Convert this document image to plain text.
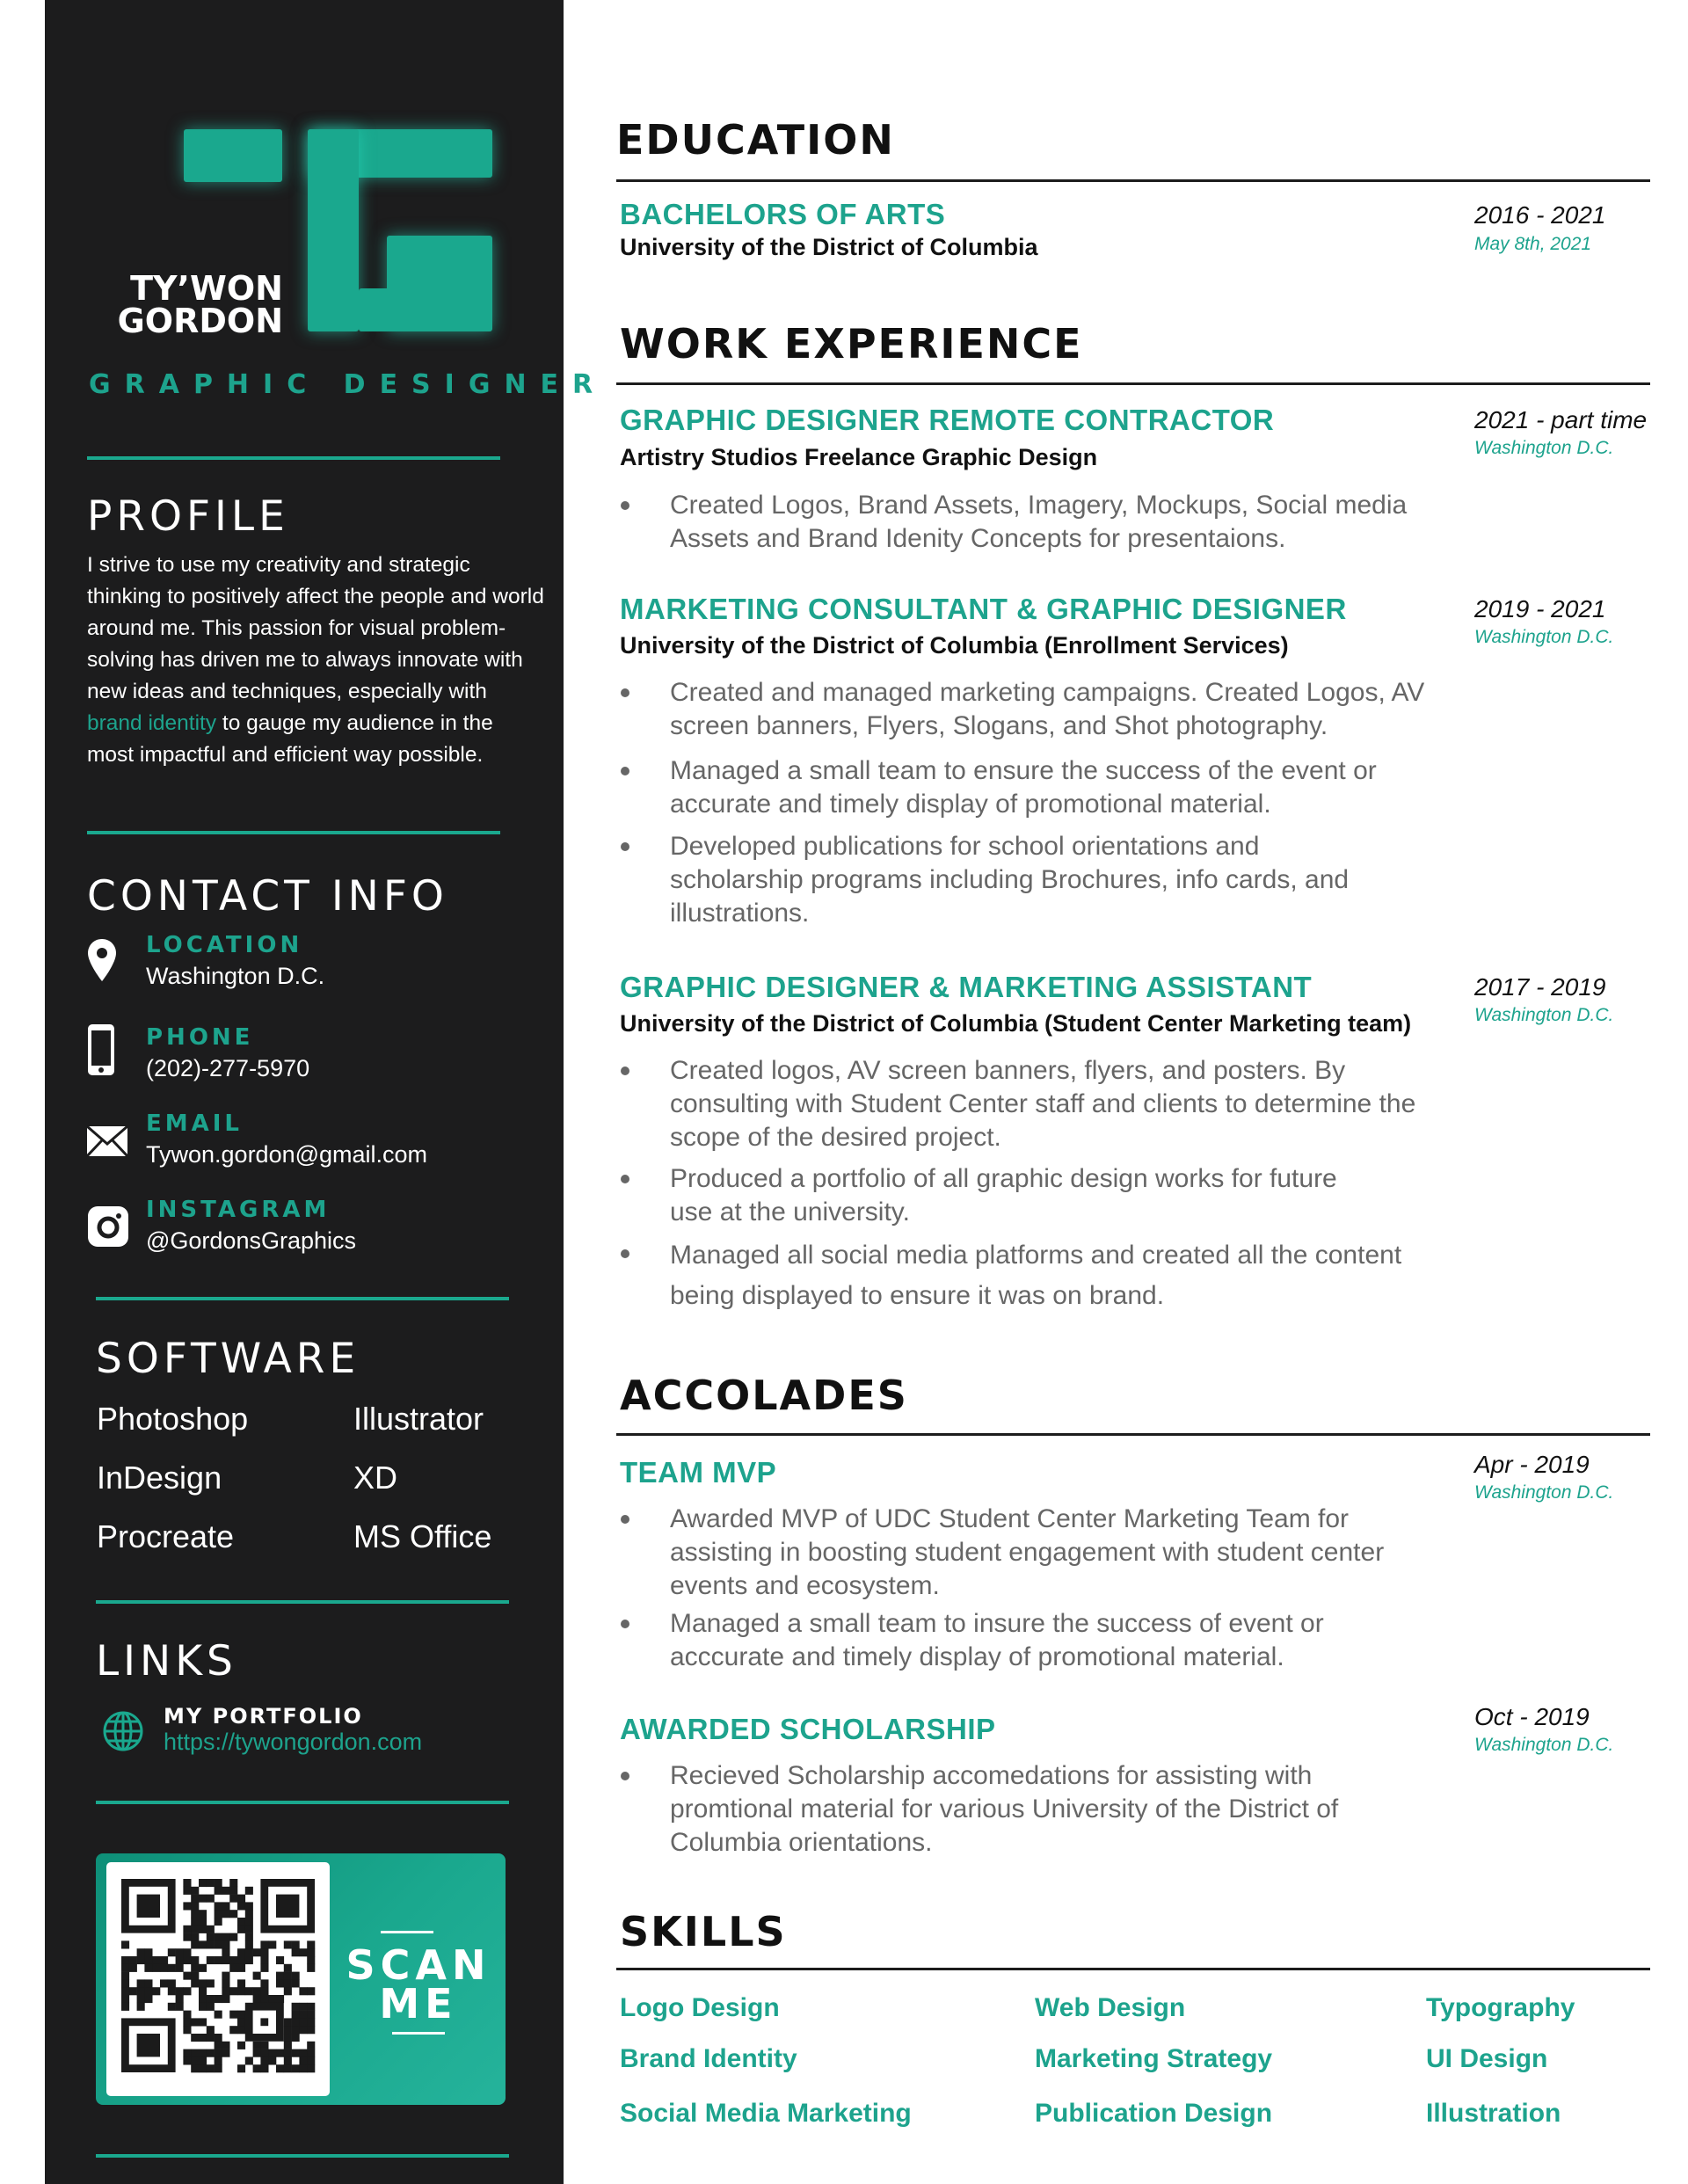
TY’WON
GORDON
GRAPHIC DESIGNER
PROFILE
I strive to use my creativity and strategic thinking to positively affect the people and world around me. This passion for visual problem-solving has driven me to always innovate with new ideas and techniques, especially with brand identity to gauge my audience in the most impactful and efficient way possible.
CONTACT INFO
LOCATION
Washington D.C.
PHONE
(202)-277-5970
EMAIL
Tywon.gordon@gmail.com
INSTAGRAM
@GordonsGraphics
SOFTWARE
Photoshop	Illustrator
InDesign	XD
Procreate	MS Office
LINKS
MY PORTFOLIO
https://tywongordon.com
SCAN
ME
EDUCATION
BACHELORS OF ARTS
University of the District of Columbia
2016 - 2021
May 8th, 2021
WORK EXPERIENCE
GRAPHIC DESIGNER REMOTE CONTRACTOR
Artistry Studios Freelance Graphic Design
2021 - part time
Washington D.C.
Created Logos, Brand Assets, Imagery, Mockups, Social media Assets and Brand Idenity Concepts for presentaions.
MARKETING CONSULTANT & GRAPHIC DESIGNER
University of the District of Columbia (Enrollment Services)
2019 - 2021
Washington D.C.
Created and managed marketing campaigns. Created Logos, AV screen banners, Flyers, Slogans, and Shot photography.
Managed a small team to ensure the success of the event or accurate and timely display of promotional material.
Developed publications for school orientations and scholarship programs including Brochures, info cards, and illustrations.
GRAPHIC DESIGNER & MARKETING ASSISTANT
University of the District of Columbia (Student Center Marketing team)
2017 - 2019
Washington D.C.
Created logos, AV screen banners, flyers, and posters. By consulting with Student Center staff and clients to determine the scope of the desired project.
Produced a portfolio of all graphic design works for future use at the university.
Managed all social media platforms and created all the content being displayed to ensure it was on brand.
ACCOLADES
TEAM MVP	Apr - 2019
Washington D.C.
Awarded MVP of UDC Student Center Marketing Team for assisting in boosting student engagement with student center events and ecosystem.
Managed a small team to insure the success of event or acccurate and timely display of promotional material.
AWARDED SCHOLARSHIP	Oct - 2019
Washington D.C.
Recieved Scholarship accomedations for assisting with promtional material for various University of the District of Columbia orientations.
SKILLS
Logo Design	Web Design	Typography
Brand Identity	Marketing Strategy	UI Design
Social Media Marketing	Publication Design	Illustration
